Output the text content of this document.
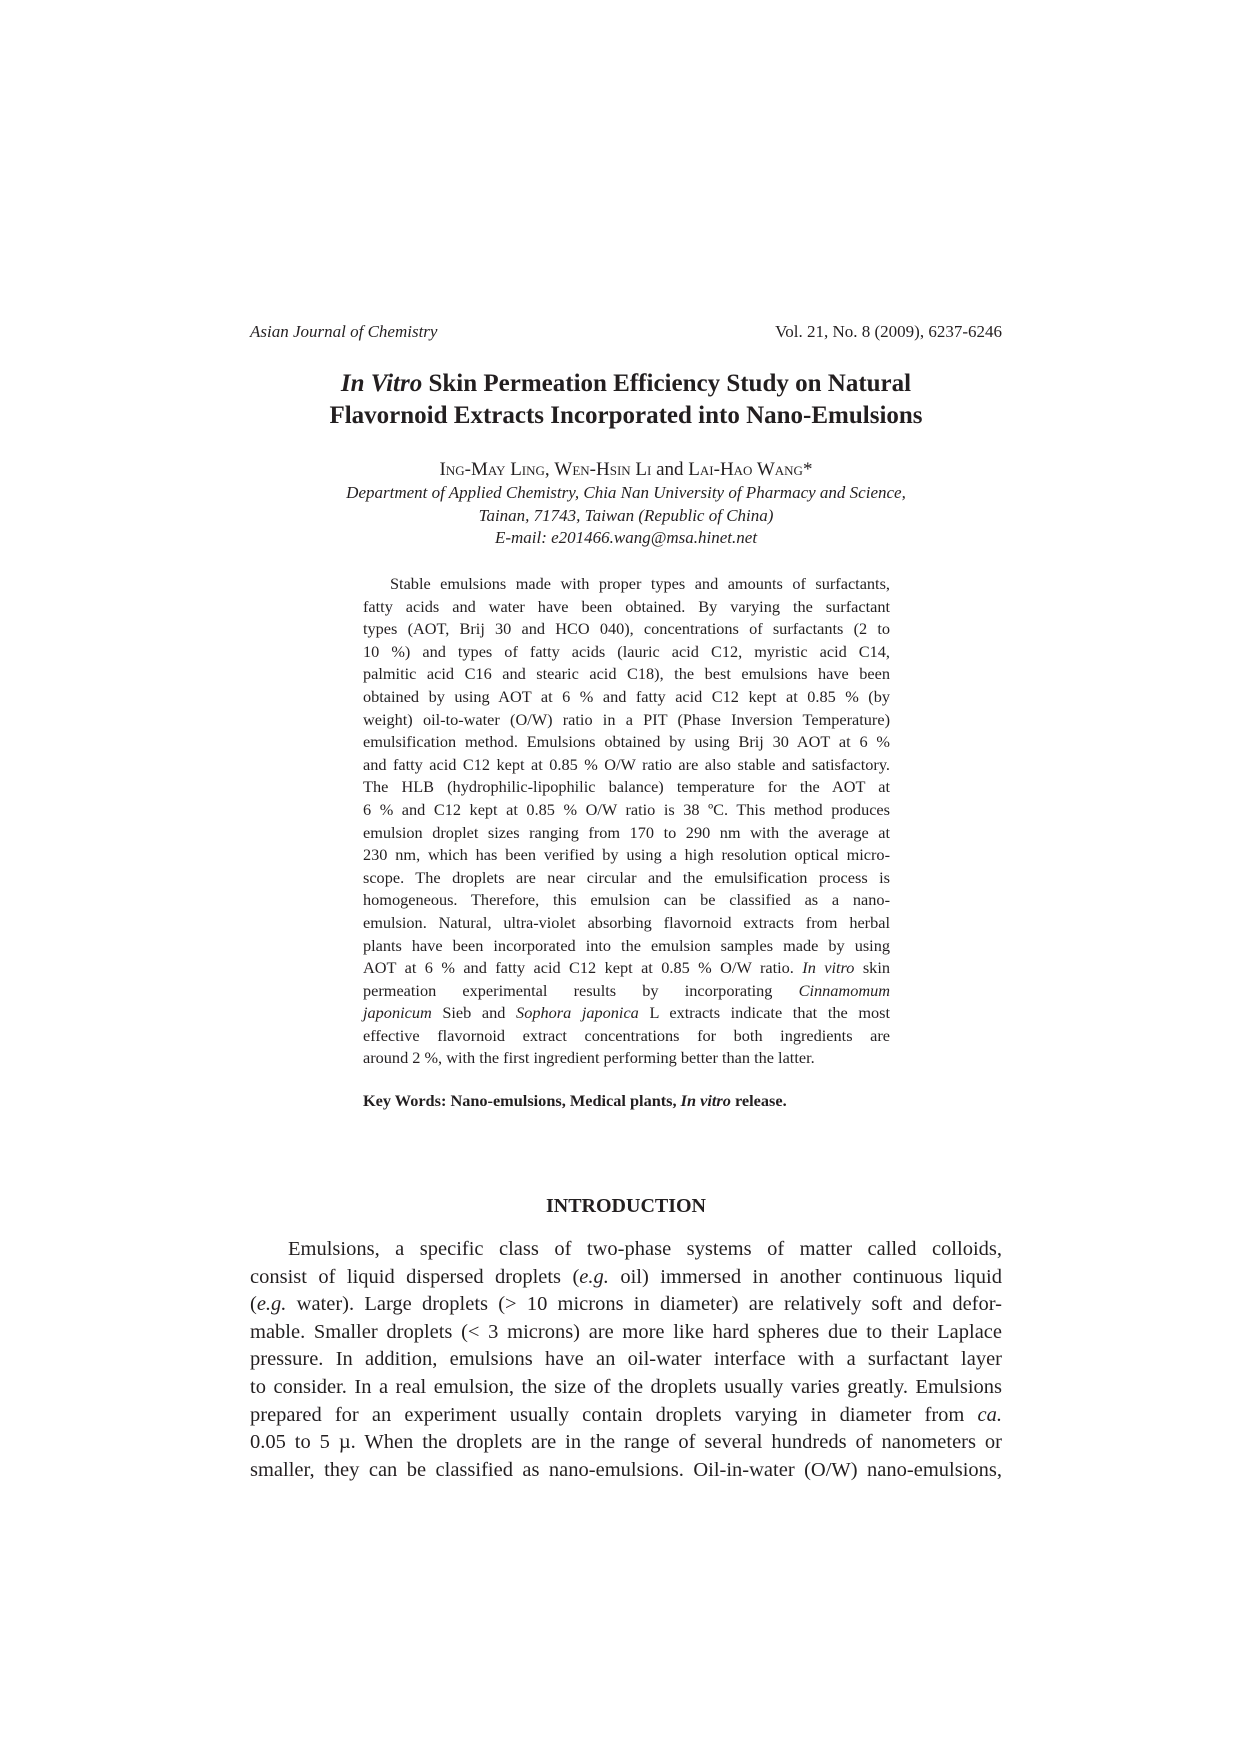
Asian Journal of Chemistry	Vol. 21, No. 8 (2009), 6237-6246
In Vitro Skin Permeation Efficiency Study on Natural
Flavornoid Extracts Incorporated into Nano-Emulsions
Ing-May Ling, Wen-Hsin Li and Lai-Hao Wang*
Department of Applied Chemistry, Chia Nan University of Pharmacy and Science,
Tainan, 71743, Taiwan (Republic of China)
E-mail: e201466.wang@msa.hinet.net
Stable emulsions made with proper types and amounts of surfactants,
fatty acids and water have been obtained. By varying the surfactant
types (AOT, Brij 30 and HCO 040), concentrations of surfactants (2 to
10 %) and types of fatty acids (lauric acid C12, myristic acid C14,
palmitic acid C16 and stearic acid C18), the best emulsions have been
obtained by using AOT at 6 % and fatty acid C12 kept at 0.85 % (by
weight) oil-to-water (O/W) ratio in a PIT (Phase Inversion Temperature)
emulsification method. Emulsions obtained by using Brij 30 AOT at 6 %
and fatty acid C12 kept at 0.85 % O/W ratio are also stable and satisfactory.
The HLB (hydrophilic-lipophilic balance) temperature for the AOT at
6 % and C12 kept at 0.85 % O/W ratio is 38 ºC. This method produces
emulsion droplet sizes ranging from 170 to 290 nm with the average at
230 nm, which has been verified by using a high resolution optical micro-
scope. The droplets are near circular and the emulsification process is
homogeneous. Therefore, this emulsion can be classified as a nano-
emulsion. Natural, ultra-violet absorbing flavornoid extracts from herbal
plants have been incorporated into the emulsion samples made by using
AOT at 6 % and fatty acid C12 kept at 0.85 % O/W ratio. In vitro skin
permeation experimental results by incorporating Cinnamomum
japonicum Sieb and Sophora japonica L extracts indicate that the most
effective flavornoid extract concentrations for both ingredients are
around 2 %, with the first ingredient performing better than the latter.
Key Words: Nano-emulsions, Medical plants, In vitro release.
INTRODUCTION
Emulsions, a specific class of two-phase systems of matter called colloids,
consist of liquid dispersed droplets (e.g. oil) immersed in another continuous liquid
(e.g. water). Large droplets (> 10 microns in diameter) are relatively soft and defor-
mable. Smaller droplets (< 3 microns) are more like hard spheres due to their Laplace
pressure. In addition, emulsions have an oil-water interface with a surfactant layer
to consider. In a real emulsion, the size of the droplets usually varies greatly. Emulsions
prepared for an experiment usually contain droplets varying in diameter from ca.
0.05 to 5 µ. When the droplets are in the range of several hundreds of nanometers or
smaller, they can be classified as nano-emulsions. Oil-in-water (O/W) nano-emulsions,
